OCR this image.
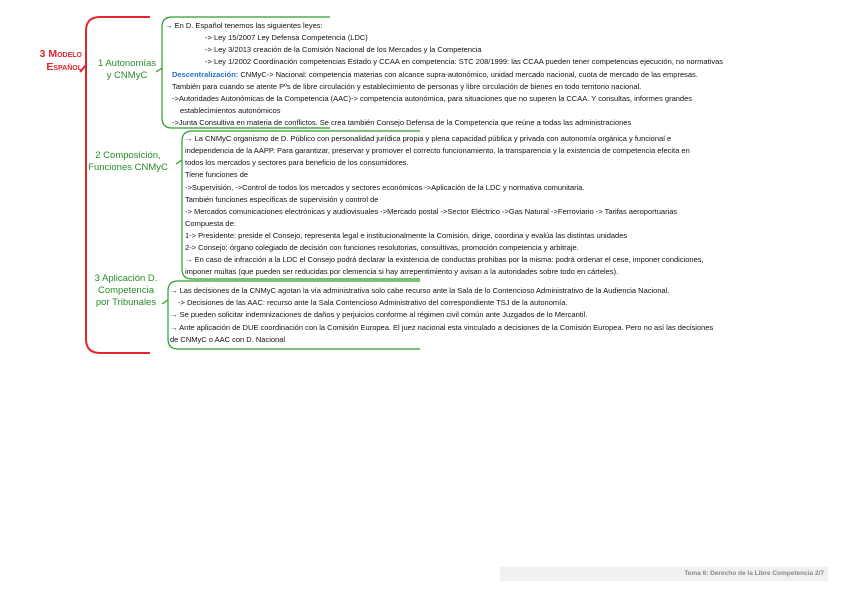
3 Modelo
Español	1 Autonomías
y CNMyC
2 Composición,
Funciones CNMyC
3 Aplicación D.
Competencia
por Tribunales
→ En D. Español tenemos las siguientes leyes:
-> Ley 15/2007 Ley Defensa Competencia (LDC)
-> Ley 3/2013 creación de la Comisión Nacional de los Mercados y la Competencia
-> Ley 1/2002 Coordinación competencias Estado y CCAA en competencia: STC 208/1999: las CCAA pueden tener competencias ejecución, no normativas
Descentralización: CNMyC-> Nacional: competencia materias con alcance supra-autonómico, unidad mercado nacional, cuota de mercado de las empresas.
También para cuando se atente Pºs de libre circulación y establecimiento de personas y libre circulación de bienes en todo territorio nacional.
->Autoridades Autonómicas de la Competencia (AAC)-> competencia autonómica, para situaciones que no superen la CCAA. Y consultas, informes grandes
establecimientos autonómicos
->Junta Consultiva en materia de conflictos. Se crea también Consejo Defensa de la Competencia que reúne a todas las administraciones
→ La CNMyC organismo de D. Público con personalidad jurídica propia y plena capacidad pública y privada con autonomía orgánica y funcional e
independencia de la AAPP. Para garantizar, preservar y promover el correcto funcionamiento, la transparencia y la existencia de competencia efecita en
todos los mercados y sectores para beneficio de los consumidores.
Tiene funciones de
->Supervisión, ->Control de todos los mercados y sectores económicos ->Aplicación de la LDC y normativa comunitaria.
También funciones específicas de supervisión y control de
-> Mercados comunicaciones electrónicas y audiovisuales ->Mercado postal ->Sector Eléctrico ->Gas Natural ->Ferroviario -> Tarifas aeroportuarias
Compuesta de:
1-> Presidente: preside el Consejo, representa legal e institucionalmente la Comisión, dirige, coordina y evalúa las distintas unidades
2-> Consejo: órgano colegiado de decisión con funciones resolutorias, consultivas, promoción competencia y arbitraje.
→ En caso de infracción a la LDC el Consejo podrá declarar la existencia de conductas prohibas por la misma: podrá ordenar el cese, imponer condiciones,
imponer multas (que pueden ser reducidas por clemencia si hay arrepentimiento y avisan a la autoridades sobre todo en cárteles).
→ Las decisiones de la CNMyC agotan la vía administrativa solo cabe recurso ante la Sala de lo Contencioso Administrativo de la Audiencia Nacional.
-> Decisiones de las AAC: recurso ante la Sala Contencioso Administrativo del correspondiente TSJ de la autonomía.
→ Se pueden solicitar indemnizaciones de daños y perjuicios conforme al régimen civil común ante Juzgados de lo Mercantil.
→ Ante aplicación de DUE coordinación con la Comisión Europea. El juez nacional esta vinculado a decisiones de la Comisión Europea. Pero no así las decisiones
de CNMyC o AAC con D. Nacional
Tema 6: Derecho de la Libre Competencia 2/7
